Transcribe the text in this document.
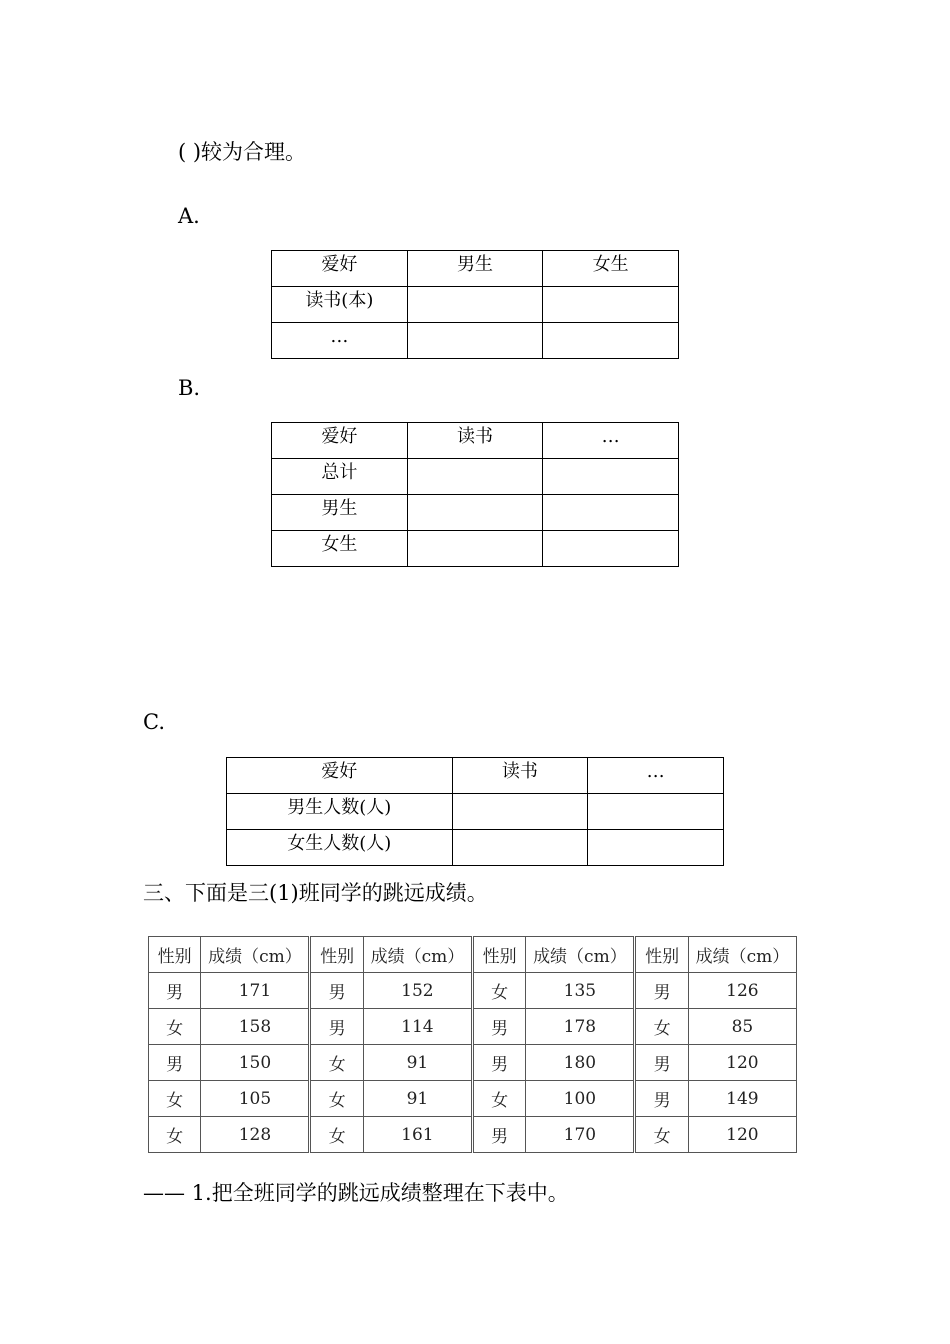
( )较为合理。
A.
爱好	男生	女生
读书(本)		
…		
B.
爱好	读书	…
总计		
男生		
女生		
C.
爱好	读书	…
男生人数(人)		
女生人数(人)		
三、下面是三(1)班同学的跳远成绩。
性别	成绩（cm）	性别	成绩（cm）	性别	成绩（cm）	性别	成绩（cm）
男	171	男	152	女	135	男	126
女	158	男	114	男	178	女	85
男	150	女	91	男	180	男	120
女	105	女	91	女	100	男	149
女	128	女	161	男	170	女	120
—— 1.把全班同学的跳远成绩整理在下表中。
